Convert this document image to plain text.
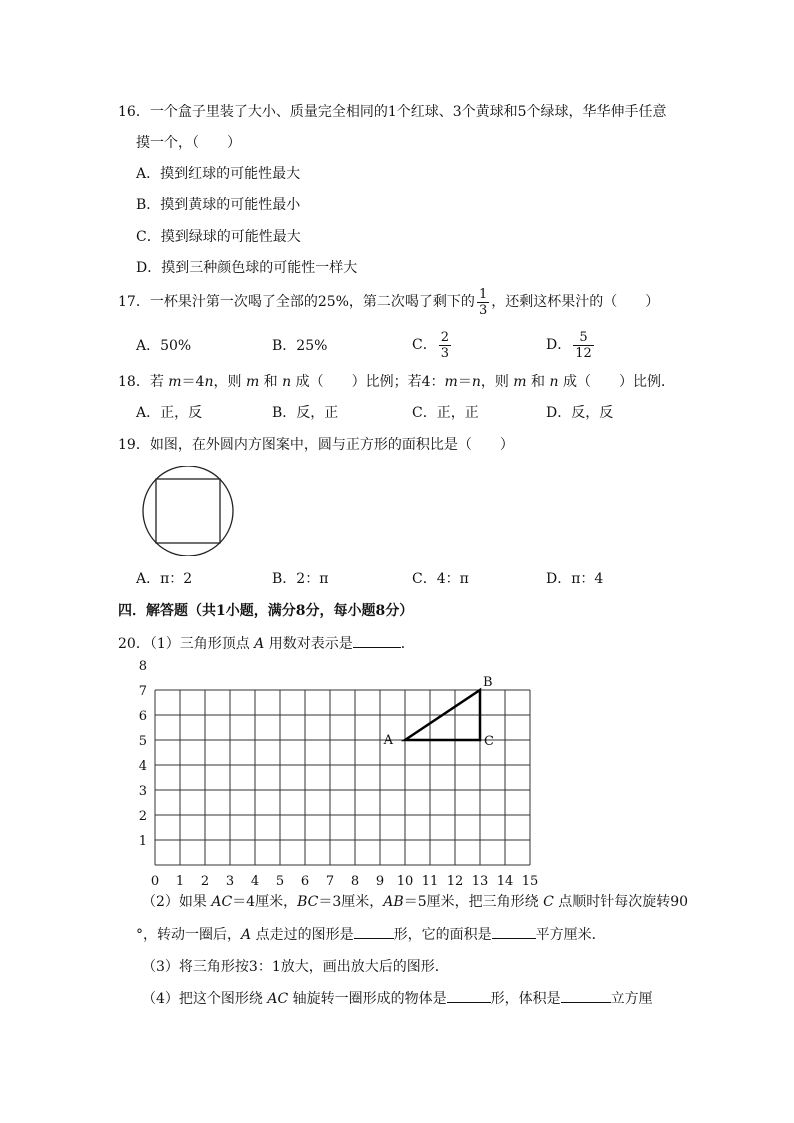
16．一个盒子里装了大小、质量完全相同的1个红球、3个黄球和5个绿球，华华伸手任意
摸一个，（　　）
A．摸到红球的可能性最大
B．摸到黄球的可能性最小
C．摸到绿球的可能性最大
D．摸到三种颜色球的可能性一样大
17．一杯果汁第一次喝了全部的25%，第二次喝了剩下的 $\frac{1}{3}$ ，还剩这杯果汁的（　　）
A．50%	B．25%	C． $\frac{2}{3}$	D． $\frac{5}{12}$
18．若 m＝4n，则 m 和 n 成（　　）比例；若4：m＝n，则 m 和 n 成（　　）比例．
A．正，反	B．反，正	C．正，正	D．反，反
19．如图，在外圆内方图案中，圆与正方形的面积比是（　　）
A．π：2	B．2：π	C．4：π	D．π：4
四．解答题（共1小题，满分8分，每小题8分）
20．（1）三角形顶点 A 用数对表示是	．
8
7
6
5
4
3
2
1
0 1 2 3 4 5 6 7 8 9 10 11 12 13 14 15
A
B
C
（2）如果 AC＝4厘米，BC＝3厘米，AB＝5厘米，把三角形绕 C 点顺时针每次旋转90
°，转动一圈后，A 点走过的图形是	形，它的面积是	平方厘米．
（3）将三角形按3：1放大，画出放大后的图形．
（4）把这个图形绕 AC 轴旋转一圈形成的物体是	形，体积是	立方厘
